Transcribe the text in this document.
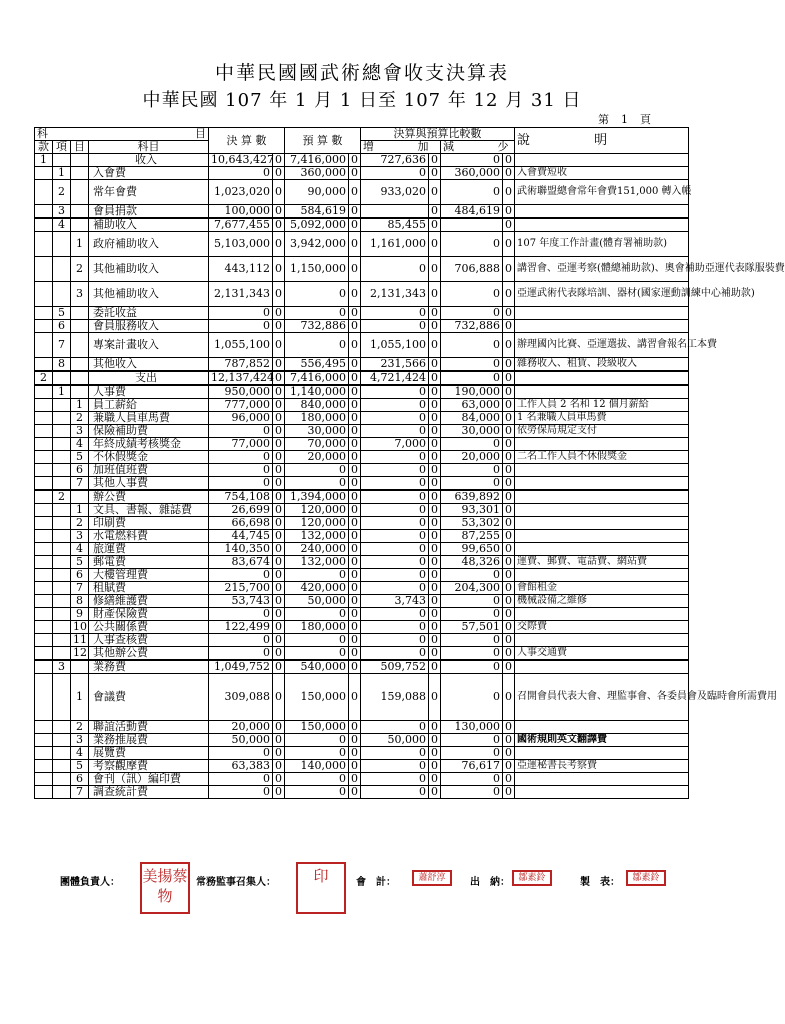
中華民國國武術總會收支決算表
中華民國 107 年 1 月 1 日至 107 年 12 月 31 日
第 1 頁
科 目				決 算 數		預 算 數		決算與預算比較數				說 明
款	項	目	科目					增 加		減 少		
1			收入	10,643,427	0	7,416,000	0	727,636	0	0	0	
	1		入會費	0	0	360,000	0	0	0	360,000	0	入會費短收
	2		常年會費	1,023,020	0	90,000	0	933,020	0	0	0	武術聯盟總會常年會費151,000 轉入帳
	3		會員捐款	100,000	0	584,619	0		0	484,619	0	
	4		補助收入	7,677,455	0	5,092,000	0	85,455	0		0	
		1	政府補助收入	5,103,000	0	3,942,000	0	1,161,000	0	0	0	107 年度工作計畫(體育署補助款)
		2	其他補助收入	443,112	0	1,150,000	0	0	0	706,888	0	講習會、亞運考察(體總補助款)、奧會補助亞運代表隊服裝費
		3	其他補助收入	2,131,343	0	0	0	2,131,343	0	0	0	亞運武術代表隊培訓、器材(國家運動訓練中心補助款)
	5		委託收益	0	0	0	0	0	0	0	0	
	6		會員服務收入	0	0	732,886	0	0	0	732,886	0	
	7		專案計畫收入	1,055,100	0	0	0	1,055,100	0	0	0	辦理國內比賽、亞運選拔、講習會報名工本費
	8		其他收入	787,852	0	556,495	0	231,566	0	0	0	雜務收入、租賃、段級收入
2			支出	12,137,424	0	7,416,000	0	4,721,424	0	0	0	
	1		人事費	950,000	0	1,140,000	0	0	0	190,000	0	
		1	員工薪給	777,000	0	840,000	0	0	0	63,000	0	工作人員 2 名和 12 個月薪給
		2	兼職人員車馬費	96,000	0	180,000	0	0	0	84,000	0	1 名兼職人員車馬費
		3	保險補助費	0	0	30,000	0	0	0	30,000	0	依勞保局規定支付
		4	年終成績考核獎金	77,000	0	70,000	0	7,000	0	0	0	
		5	不休假獎金	0	0	20,000	0	0	0	20,000	0	二名工作人員不休假獎金
		6	加班值班費	0	0	0	0	0	0	0	0	
		7	其他人事費	0	0	0	0	0	0	0	0	
	2		辦公費	754,108	0	1,394,000	0	0	0	639,892	0	
		1	文具、書報、雜誌費	26,699	0	120,000	0	0	0	93,301	0	
		2	印刷費	66,698	0	120,000	0	0	0	53,302	0	
		3	水電燃料費	44,745	0	132,000	0	0	0	87,255	0	
		4	旅運費	140,350	0	240,000	0	0	0	99,650	0	
		5	郵電費	83,674	0	132,000	0	0	0	48,326	0	運費、郵費、電話費、網站費
		6	大樓管理費	0	0	0	0	0	0	0	0	
		7	租賦費	215,700	0	420,000	0	0	0	204,300	0	會館租金
		8	修繕維護費	53,743	0	50,000	0	3,743	0	0	0	機械設備之維修
		9	財產保險費	0	0	0	0	0	0	0	0	
		10	公共關係費	122,499	0	180,000	0	0	0	57,501	0	交際費
		11	人事查核費	0	0	0	0	0	0	0	0	
		12	其他辦公費	0	0	0	0	0	0	0	0	人事交通費
	3		業務費	1,049,752	0	540,000	0	509,752	0	0	0	
		1	會議費	309,088	0	150,000	0	159,088	0	0	0	召開會員代表大會、理監事會、各委員會及臨時會所需費用
		2	聯誼活動費	20,000	0	150,000	0	0	0	130,000	0	
		3	業務推展費	50,000	0	0	0	50,000	0	0	0	國術規則英文翻譯費
		4	展覽費	0	0	0	0	0	0	0	0	
		5	考察觀摩費	63,383	0	140,000	0	0	0	76,617	0	亞運秘書長考察費
		6	會刊（訊）編印費	0	0	0	0	0	0	0	0	
		7	調查統計費	0	0	0	0	0	0	0	0	
團體負責人： 美揚蔡物
常務監事召集人：	印	會　計：	蕭舒淳	出　納： 鄒素鈴	製　表：	鄒素鈴
